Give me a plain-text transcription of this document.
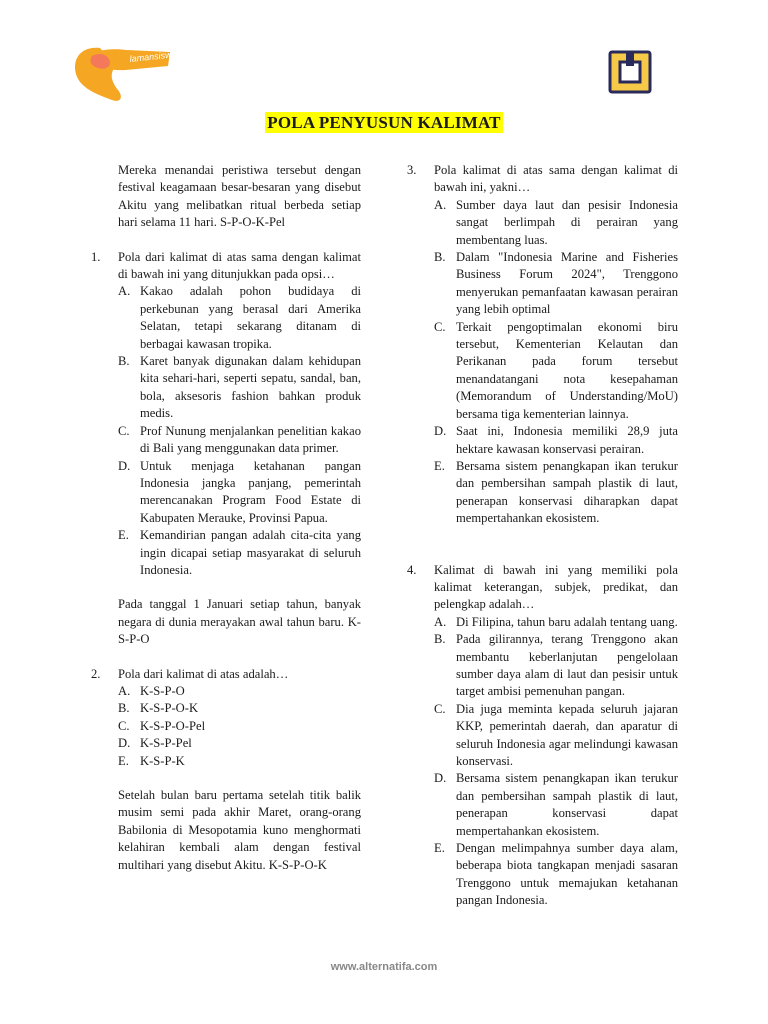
lamansiswa
POLA PENYUSUN KALIMAT
Mereka menandai peristiwa tersebut dengan festival keagamaan besar-besaran yang disebut Akitu yang melibatkan ritual berbeda setiap hari selama 11 hari. S-P-O-K-Pel
1.	Pola dari kalimat di atas sama dengan kalimat di bawah ini yang ditunjukkan pada opsi…
A. Kakao adalah pohon budidaya di perkebunan yang berasal dari Amerika Selatan, tetapi sekarang ditanam di berbagai kawasan tropika.
B. Karet banyak digunakan dalam kehidupan kita sehari-hari, seperti sepatu, sandal, ban, bola, aksesoris fashion bahkan produk medis.
C. Prof Nunung menjalankan penelitian kakao di Bali yang menggunakan data primer.
D. Untuk menjaga ketahanan pangan Indonesia jangka panjang, pemerintah merencanakan Program Food Estate di Kabupaten Merauke, Provinsi Papua.
E. Kemandirian pangan adalah cita-cita yang ingin dicapai setiap masyarakat di seluruh Indonesia.
Pada tanggal 1 Januari setiap tahun, banyak negara di dunia merayakan awal tahun baru. K-S-P-O
2.	Pola dari kalimat di atas adalah…
A. K-S-P-O
B. K-S-P-O-K
C. K-S-P-O-Pel
D. K-S-P-Pel
E. K-S-P-K
Setelah bulan baru pertama setelah titik balik musim semi pada akhir Maret, orang-orang Babilonia di Mesopotamia kuno menghormati kelahiran kembali alam dengan festival multihari yang disebut Akitu. K-S-P-O-K
3.	Pola kalimat di atas sama dengan kalimat di bawah ini, yakni…
A. Sumber daya laut dan pesisir Indonesia sangat berlimpah di perairan yang membentang luas.
B. Dalam "Indonesia Marine and Fisheries Business Forum 2024", Trenggono menyerukan pemanfaatan kawasan perairan yang lebih optimal
C. Terkait pengoptimalan ekonomi biru tersebut, Kementerian Kelautan dan Perikanan pada forum tersebut menandatangani nota kesepahaman (Memorandum of Understanding/MoU) bersama tiga kementerian lainnya.
D. Saat ini, Indonesia memiliki 28,9 juta hektare kawasan konservasi perairan.
E. Bersama sistem penangkapan ikan terukur dan pembersihan sampah plastik di laut, penerapan konservasi diharapkan dapat mempertahankan ekosistem.
4.	Kalimat di bawah ini yang memiliki pola kalimat keterangan, subjek, predikat, dan pelengkap adalah…
A. Di Filipina, tahun baru adalah tentang uang.
B. Pada gilirannya, terang Trenggono akan membantu keberlanjutan pengelolaan sumber daya alam di laut dan pesisir untuk target ambisi pemenuhan pangan.
C. Dia juga meminta kepada seluruh jajaran KKP, pemerintah daerah, dan aparatur di seluruh Indonesia agar melindungi kawasan konservasi.
D. Bersama sistem penangkapan ikan terukur dan pembersihan sampah plastik di laut, penerapan konservasi dapat mempertahankan ekosistem.
E. Dengan melimpahnya sumber daya alam, beberapa biota tangkapan menjadi sasaran Trenggono untuk memajukan ketahanan pangan Indonesia.
www.alternatifa.com
